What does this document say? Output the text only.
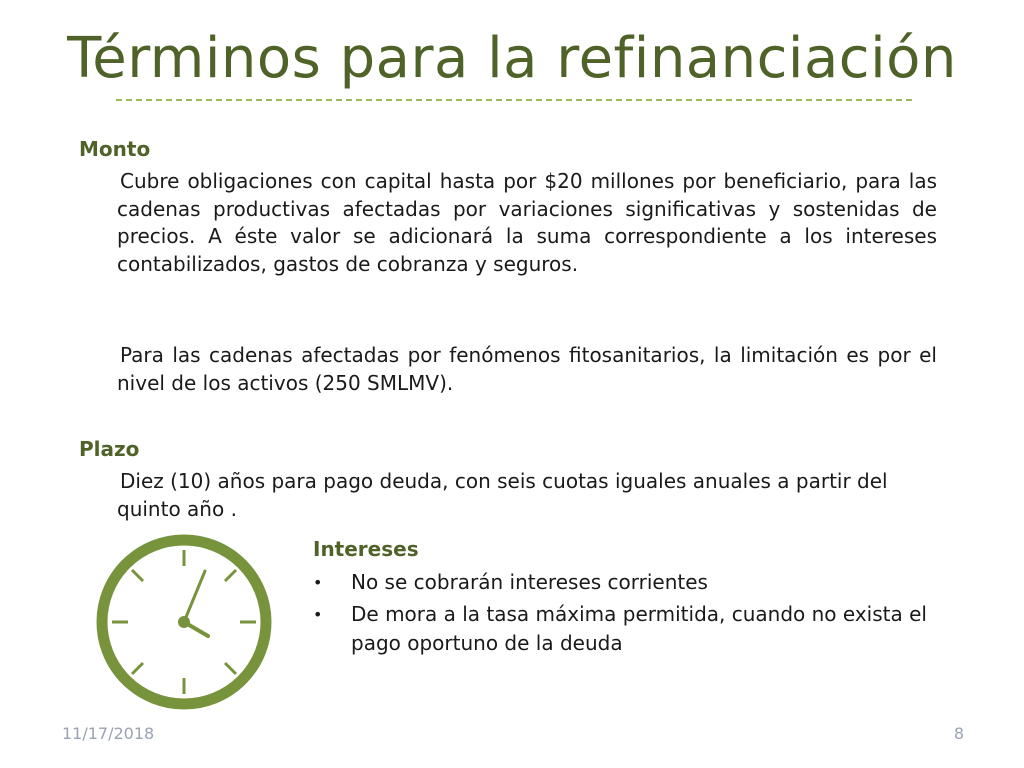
Términos para la refinanciación
Monto
Cubre obligaciones con capital hasta por $20 millones por beneficiario, para las cadenas productivas afectadas por variaciones significativas y sostenidas de precios. A éste valor se adicionará la suma correspondiente a los intereses contabilizados, gastos de cobranza y seguros.
Para las cadenas afectadas por fenómenos fitosanitarios, la limitación es por el nivel de los activos (250 SMLMV).
Plazo
Diez (10) años para pago deuda, con seis cuotas iguales anuales a partir del quinto año .
Intereses
• No se cobrarán intereses corrientes
• De mora a la tasa máxima permitida, cuando no exista el pago oportuno de la deuda
11/17/2018	8
